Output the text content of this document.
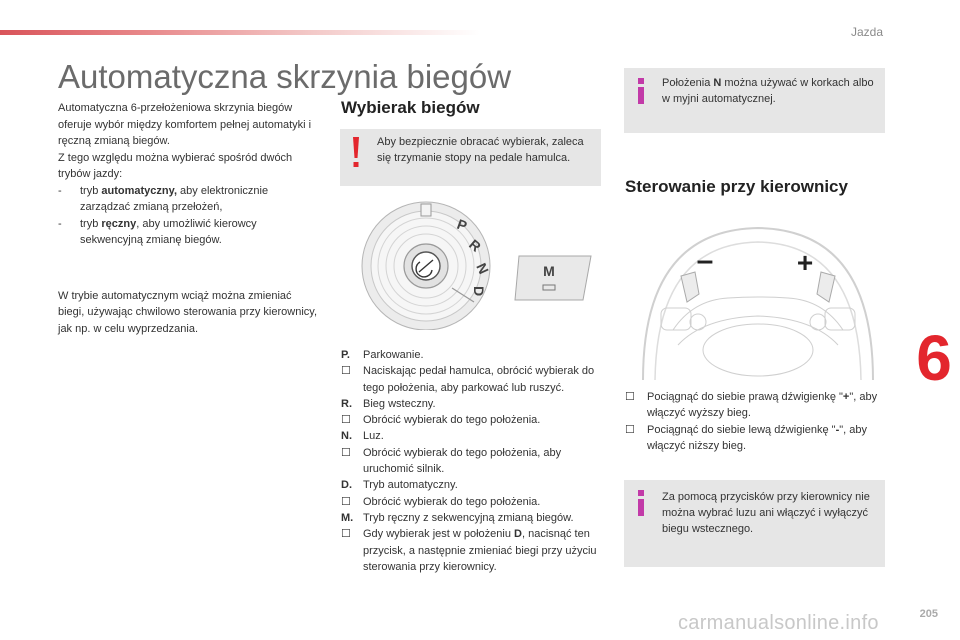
Jazda
6
Automatyczna skrzynia biegów

Automatyczna 6-przełożeniowa skrzynia biegów oferuje wybór między komfortem pełnej automatyki i ręczną zmianą biegów.

Z tego względu można wybierać spośród dwóch trybów jazdy:

-	tryb automatyczny, aby elektronicznie zarządzać zmianą przełożeń,
-	tryb ręczny, aby umożliwić kierowcy sekwencyjną zmianę biegów.

W trybie automatycznym wciąż można zmieniać biegi, używając chwilowo sterowania przy kierownicy, jak np. w celu wyprzedzania.

Wybierak biegów
Aby bezpiecznie obracać wybierak, zaleca się trzymanie stopy na pedale hamulca.
P
R
N
D
M
P.	Parkowanie.
☐	Naciskając pedał hamulca, obrócić wybierak do tego położenia, aby parkować lub ruszyć.
R.	Bieg wsteczny.
☐	Obrócić wybierak do tego położenia.
N.	Luz.
☐	Obrócić wybierak do tego położenia, aby uruchomić silnik.
D.	Tryb automatyczny.
☐	Obrócić wybierak do tego położenia.
M. Tryb ręczny z sekwencyjną zmianą biegów.
☐	Gdy wybierak jest w położeniu D, nacisnąć ten przycisk, a następnie zmieniać biegi przy użyciu sterowania przy kierownicy.
Położenia N można używać w korkach albo w myjni automatycznej.
Sterowanie przy kierownicy
–	+
☐	Pociągnąć do siebie prawą dźwigienkę "+", aby włączyć wyższy bieg.
☐	Pociągnąć do siebie lewą dźwigienkę "-", aby włączyć niższy bieg.
Za pomocą przycisków przy kierownicy nie można wybrać luzu ani włączyć i wyłączyć biegu wstecznego.
205
carmanualsonline.info
